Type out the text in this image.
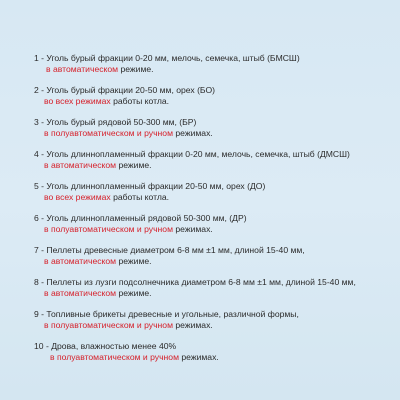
1 - Уголь бурый фракции 0-20 мм, мелочь, семечка, штыб (БМСШ)
в автоматическом режиме.
2 - Уголь бурый фракции 20-50 мм, орех (БО)
во всех режимах работы котла.
3 - Уголь бурый рядовой 50-300 мм, (БР)
в полуавтоматическом и ручном режимах.
4 - Уголь длиннопламенный фракции 0-20 мм, мелочь, семечка, штыб (ДМСШ)
в автоматическом режиме.
5 - Уголь длиннопламенный фракции 20-50 мм, орех (ДО)
во всех режимах работы котла.
6 - Уголь длиннопламенный рядовой 50-300 мм, (ДР)
в полуавтоматическом и ручном режимах.
7 - Пеллеты древесные диаметром 6-8 мм ±1 мм, длиной 15-40 мм,
в автоматическом режиме.
8 - Пеллеты из лузги подсолнечника диаметром 6-8 мм ±1 мм, длиной 15-40 мм,
в автоматическом режиме.
9 - Топливные брикеты древесные и угольные, различной формы,
в полуавтоматическом и ручном режимах.
10 - Дрова, влажностью менее 40%
в полуавтоматическом и ручном режимах.
